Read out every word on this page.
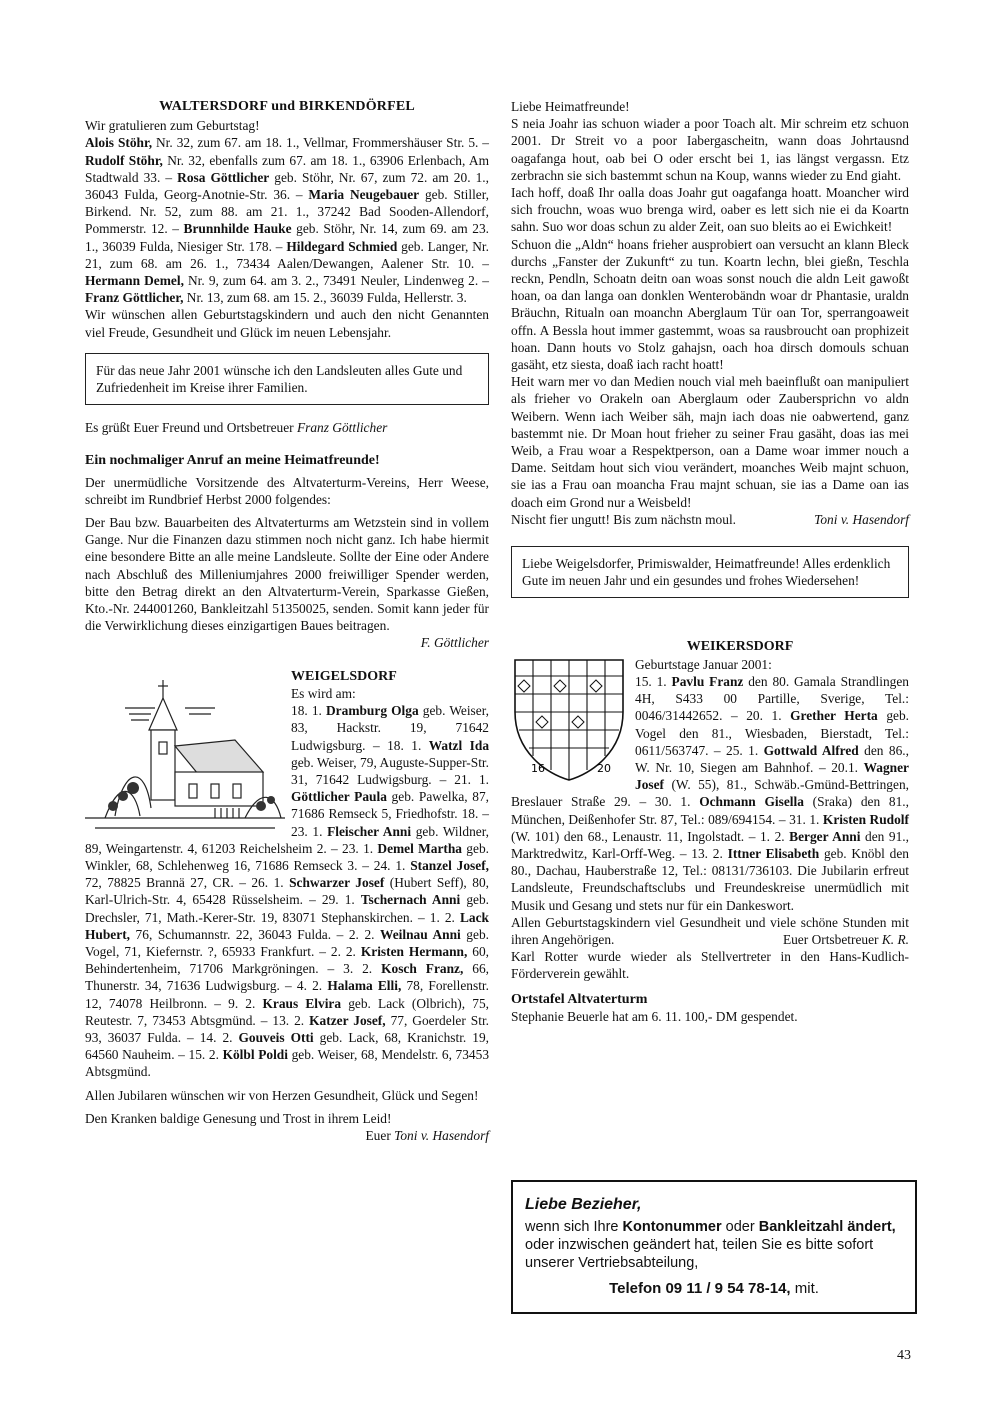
WALTERSDORF und BIRKENDÖRFEL

Wir gratulieren zum Geburtstag!
Alois Stöhr, Nr. 32, zum 67. am 18. 1., Vellmar, Frommershäuser Str. 5. – Rudolf Stöhr, Nr. 32, ebenfalls zum 67. am 18. 1., 63906 Erlenbach, Am Stadtwald 33. – Rosa Göttlicher geb. Stöhr, Nr. 67, zum 72. am 20. 1., 36043 Fulda, Georg-Anotnie-Str. 36. – Maria Neugebauer geb. Stiller, Birkend. Nr. 52, zum 88. am 21. 1., 37242 Bad Sooden-Allendorf, Pommerstr. 12. – Brunnhilde Hauke geb. Stöhr, Nr. 14, zum 69. am 23. 1., 36039 Fulda, Niesiger Str. 178. – Hildegard Schmied geb. Langer, Nr. 21, zum 68. am 26. 1., 73434 Aalen/Dewangen, Aalener Str. 10. – Hermann Demel, Nr. 9, zum 64. am 3. 2., 73491 Neuler, Lindenweg 2. – Franz Göttlicher, Nr. 13, zum 68. am 15. 2., 36039 Fulda, Hellerstr. 3.

Wir wünschen allen Geburtstagskindern und auch den nicht Genannten viel Freude, Gesundheit und Glück im neuen Lebensjahr.

Für das neue Jahr 2001 wünsche ich den Landsleuten alles Gute und Zufriedenheit im Kreise ihrer Familien.

Es grüßt Euer Freund und Ortsbetreuer Franz Göttlicher

Ein nochmaliger Anruf an meine Heimatfreunde!

Der unermüdliche Vorsitzende des Altvaterturm-Vereins, Herr Weese, schreibt im Rundbrief Herbst 2000 folgendes:

Der Bau bzw. Bauarbeiten des Altvaterturms am Wetzstein sind in vollem Gange. Nur die Finanzen dazu stimmen noch nicht ganz. Ich habe hiermit eine besondere Bitte an alle meine Landsleute. Sollte der Eine oder Andere nach Abschluß des Milleniumjahres 2000 freiwilliger Spender werden, bitte den Betrag direkt an den Altvaterturm-Verein, Sparkasse Gießen, Kto.-Nr. 244001260, Bankleitzahl 51350025, senden. Somit kann jeder für die Verwirklichung dieses einzigartigen Baues beitragen.

F. Göttlicher
WEIGELSDORF
Es wird am:

18. 1. Dramburg Olga geb. Weiser, 83, Hackstr. 19, 71642 Ludwigsburg. – 18. 1. Watzl Ida geb. Weiser, 79, Auguste-Supper-Str. 31, 71642 Ludwigsburg. – 21. 1. Göttlicher Paula geb. Pawelka, 87, 71686 Remseck 5, Friedhofstr. 18. – 23. 1. Fleischer Anni geb. Wildner, 89, Weingartenstr. 4, 61203 Reichelsheim 2. – 23. 1. Demel Martha geb. Winkler, 68, Schlehenweg 16, 71686 Remseck 3. – 24. 1. Stanzel Josef, 72, 78825 Brannä 27, CR. – 26. 1. Schwarzer Josef (Hubert Seff), 80, Karl-Ulrich-Str. 4, 65428 Rüsselsheim. – 29. 1. Tschernach Anni geb. Drechsler, 71, Math.-Kerer-Str. 19, 83071 Stephanskirchen. – 1. 2. Lack Hubert, 76, Schumannstr. 22, 36043 Fulda. – 2. 2. Weilnau Anni geb. Vogel, 71, Kiefernstr. ?, 65933 Frankfurt. – 2. 2. Kristen Hermann, 60, Behindertenheim, 71706 Markgröningen. – 3. 2. Kosch Franz, 66, Thunerstr. 34, 71636 Ludwigsburg. – 4. 2. Halama Elli, 78, Forellenstr. 12, 74078 Heilbronn. – 9. 2. Kraus Elvira geb. Lack (Olbrich), 75, Reutestr. 7, 73453 Abtsgmünd. – 13. 2. Katzer Josef, 77, Goerdeler Str. 93, 36037 Fulda. – 14. 2. Gouveis Otti geb. Lack, 68, Kranichstr. 19, 64560 Nauheim. – 15. 2. Kölbl Poldi geb. Weiser, 68, Mendelstr. 6, 73453 Abtsgmünd.

Allen Jubilaren wünschen wir von Herzen Gesundheit, Glück und Segen!

Den Kranken baldige Genesung und Trost in ihrem Leid!

Euer Toni v. Hasendorf
Liebe Heimatfreunde!
S neia Joahr ias schuon wiader a poor Toach alt. Mir schreim etz schuon 2001. Dr Streit vo a poor Iabergascheitn, wann doas Johrtausnd oagafanga hout, oab bei O oder erscht bei 1, ias längst vergassn. Etz zerbrachn sie sich bastemmt schun na Koup, wanns wieder zu End giaht.
Iach hoff, doaß Ihr oalla doas Joahr gut oagafanga hoatt. Moancher wird sich frouchn, woas wuo brenga wird, oaber es lett sich nie ei da Koartn sahn. Suo wor doas schun zu alder Zeit, oan suo bleits ao ei Ewichkeit!
Schuon die „Aldn“ hoans frieher ausprobiert oan versucht an klann Bleck durchs „Fanster der Zukunft“ zu tun. Koartn lechn, blei gießn, Teschla reckn, Pendln, Schoatn deitn oan woas sonst nouch die aldn Leit gawoßt hoan, oa dan langa oan donklen Wenterobändn woar dr Phantasie, uraldn Bräuchn, Ritualn oan moanchn Aberglaum Tür oan Tor, sperrangoaweit offn. A Bessla hout immer gastemmt, woas sa rausbroucht oan prophizeit hoan. Dann houts vo Stolz gahajsn, oach hoa dirsch domouls schuan gasäht, etz siesta, doaß iach racht hoatt!
Heit warn mer vo dan Medien nouch vial meh baeinflußt oan manipuliert als frieher vo Orakeln oan Aberglaum oder Zaubersprichn vo aldn Weibern. Wenn iach Weiber säh, majn iach doas nie oabwertend, ganz bastemmt nie. Dr Moan hout frieher zu seiner Frau gasäht, doas ias mei Weib, a Frau woar a Respektperson, oan a Dame woar immer nouch a Dame. Seitdam hout sich viou verändert, moanches Weib majnt schuon, sie ias a Frau oan moancha Frau majnt schuan, sie ias a Dame oan ias doach eim Grond nur a Weisbeld!
Nischt fier ungutt! Bis zum nächstn moul.	Toni v. Hasendorf
Liebe Weigelsdorfer, Primiswalder, Heimatfreunde! Alles erdenklich Gute im neuen Jahr und ein gesundes und frohes Wiedersehen!
WEIKERSDORF
16	20
Geburtstage Januar 2001:

15. 1. Pavlu Franz den 80. Gamala Strandlingen 4H, S433 00 Partille, Sverige, Tel.: 0046/31442652. – 20. 1. Grether Herta geb. Vogel den 81., Wiesbaden, Bierstadt, Tel.: 0611/563747. – 25. 1. Gottwald Alfred den 86., W. Nr. 10, Siegen am Bahnhof. – 20.1. Wagner Josef (W. 55), 81., Schwäb.-Gmünd-Bettringen, Breslauer Straße 29. – 30. 1. Ochmann Gisella (Sraka) den 81., München, Deißenhofer Str. 87, Tel.: 089/694154. – 31. 1. Kristen Rudolf (W. 101) den 68., Lenaustr. 11, Ingolstadt. – 1. 2. Berger Anni den 91., Marktredwitz, Karl-Orff-Weg. – 13. 2. Ittner Elisabeth geb. Knöbl den 80., Dachau, Hauberstraße 12, Tel.: 08131/736103. Die Jubilarin erfreut Landsleute, Freundschaftsclubs und Freundeskreise unermüdlich mit Musik und Gesang und stets nur für ein Dankeswort.

Allen Geburtstagskindern viel Gesundheit und viele schöne Stunden mit ihren Angehörigen.	Euer Ortsbetreuer K. R.
Karl Rotter wurde wieder als Stellvertreter in den Hans-Kudlich-Förderverein gewählt.
Ortstafel Altvaterturm
Stephanie Beuerle hat am 6. 11. 100,- DM gespendet.
Liebe Bezieher,
wenn sich Ihre Kontonummer oder Bankleitzahl ändert, oder inzwischen geändert hat, teilen Sie es bitte sofort unserer Vertriebsabteilung,
Telefon 09 11 / 9 54 78-14, mit.
43
